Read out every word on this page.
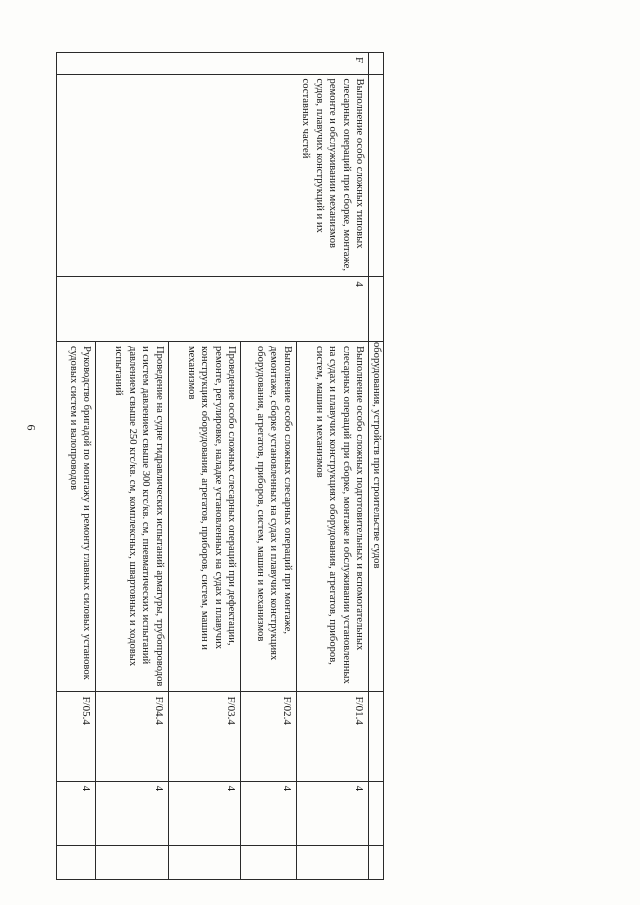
6
				оборудования, устройств при строительстве судов			
F	Выполнение особо сложных типовых слесарных операций при сборке, монтаже, ремонте и обслуживании механизмов судов, плавучих конструкций и их составных частей	4	Выполнение особо сложных подготовительных и вспомогательных слесарных операций при сборке, монтаже и обслуживании установленных на судах и плавучих конструкциях оборудования, агрегатов, приборов, систем, машин и механизмов	F/01.4	4	
			Выполнение особо сложных слесарных операций при монтаже, демонтаже, сборке установленных на судах и плавучих конструкциях оборудования, агрегатов, приборов, систем, машин и механизмов	F/02.4	4	
			Проведение особо сложных слесарных операций при дефектации, ремонте, регулировке, наладке установленных на судах и плавучих конструкциях оборудования, агрегатов, приборов, систем, машин и механизмов	F/03.4	4	
			Проведение на судне гидравлических испытаний арматуры, трубопроводов и систем давлением свыше 300 кгс/кв. см, пневматических испытаний давлением свыше 250 кгс/кв. см, комплексных, швартовных и ходовых испытаний	F/04.4	4	
			Руководство бригадой по монтажу и ремонту главных силовых установок судовых систем и валопроводов	F/05.4	4	
